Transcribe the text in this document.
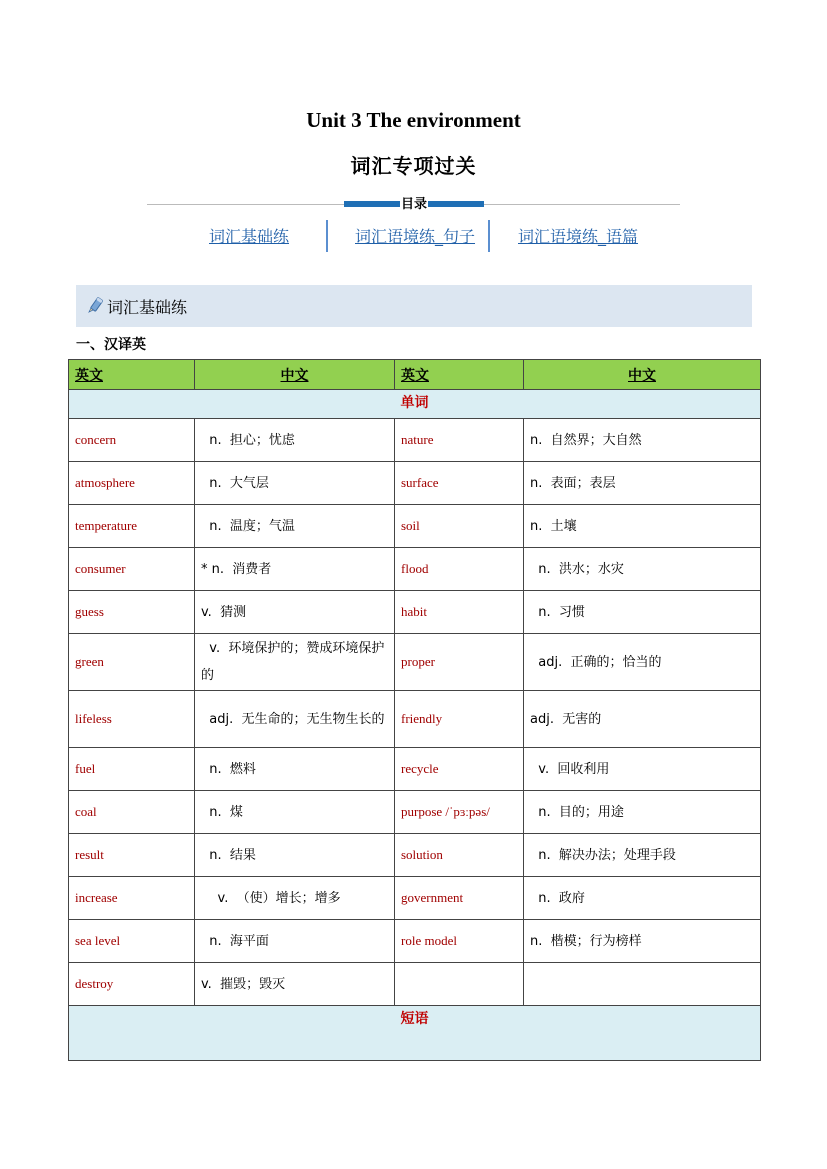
Unit 3 The environment
词汇专项过关
目录
词汇基础练	词汇语境练_句子	词汇语境练_语篇
词汇基础练
一、汉译英
英文	中文	英文	中文
单词			
concern	n.  担心；忧虑	nature	n.  自然界；大自然
atmosphere	n.  大气层	surface	n.  表面；表层
temperature	n.  温度；气温	soil	n.  土壤
consumer	* n.  消费者	flood	n.  洪水；水灾
guess	v.  猜测	habit	n.  习惯
green	v.  环境保护的；赞成环境保护的	proper	adj.  正确的；恰当的
lifeless	adj.  无生命的；无生物生长的	friendly	adj.  无害的
fuel	n.  燃料	recycle	v.  回收利用
coal	n.  煤	purpose /ˈpɜːpəs/	n.  目的；用途
result	n.  结果	solution	n.  解决办法；处理手段
increase	v.  （使）增长；增多	government	n.  政府
sea level	n.  海平面	role model	n.  楷模；行为榜样
destroy	v.  摧毁；毁灭		
短语			
